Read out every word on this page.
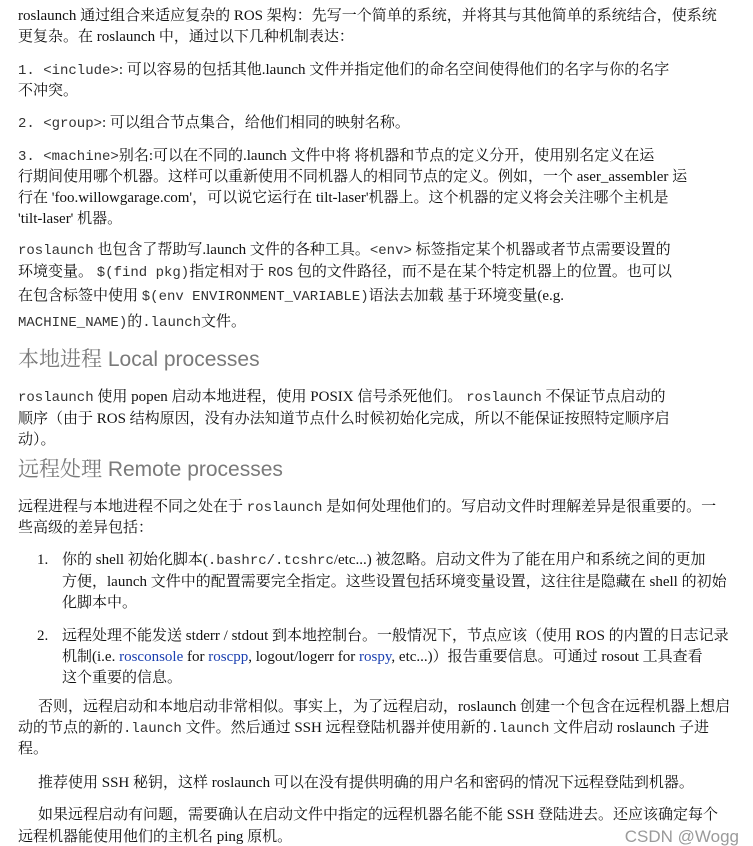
1.
2.
CSDN @Wogg
roslaunch 通过组合来适应复杂的 ROS 架构：先写一个简单的系统，并将其与其他简单的系统结合，使系统
更复杂。在 roslaunch 中，通过以下几种机制表达：
1. <include>: 可以容易的包括其他.launch 文件并指定他们的命名空间使得他们的名字与你的名字
不冲突。
2. <group>: 可以组合节点集合，给他们相同的映射名称。
3. <machine>别名:可以在不同的.launch 文件中将 将机器和节点的定义分开，使用别名定义在运
行期间使用哪个机器。这样可以重新使用不同机器人的相同节点的定义。例如，一个 aser_assembler 运
行在 'foo.willowgarage.com'，可以说它运行在 tilt-laser'机器上。这个机器的定义将会关注哪个主机是
'tilt-laser' 机器。
roslaunch 也包含了帮助写.launch 文件的各种工具。<env> 标签指定某个机器或者节点需要设置的
环境变量。 $(find pkg)指定相对于 ROS 包的文件路径，而不是在某个特定机器上的位置。也可以
在包含标签中使用 $(env ENVIRONMENT_VARIABLE)语法去加载 基于环境变量(e.g.
MACHINE_NAME)的.launch文件。
本地进程 Local processes
roslaunch 使用 popen 启动本地进程，使用 POSIX 信号杀死他们。 roslaunch 不保证节点启动的
顺序（由于 ROS 结构原因，没有办法知道节点什么时候初始化完成，所以不能保证按照特定顺序启
动）。
远程处理 Remote processes
远程进程与本地进程不同之处在于 roslaunch 是如何处理他们的。写启动文件时理解差异是很重要的。一
些高级的差异包括：
你的 shell 初始化脚本(.bashrc/.tcshrc/etc...) 被忽略。启动文件为了能在用户和系统之间的更加
方便，launch 文件中的配置需要完全指定。这些设置包括环境变量设置，这往往是隐藏在 shell 的初始
化脚本中。
远程处理不能发送 stderr / stdout 到本地控制台。一般情况下，节点应该（使用 ROS 的内置的日志记录
机制(i.e. rosconsole for roscpp, logout/logerr for rospy, etc...)）报告重要信息。可通过 rosout 工具查看
这个重要的信息。
否则，远程启动和本地启动非常相似。事实上，为了远程启动，roslaunch 创建一个包含在远程机器上想启
动的节点的新的.launch 文件。然后通过 SSH 远程登陆机器并使用新的.launch 文件启动 roslaunch 子进
程。
推荐使用 SSH 秘钥，这样 roslaunch 可以在没有提供明确的用户名和密码的情况下远程登陆到机器。
如果远程启动有问题，需要确认在启动文件中指定的远程机器名能不能 SSH 登陆进去。还应该确定每个
远程机器能使用他们的主机名 ping 原机。
